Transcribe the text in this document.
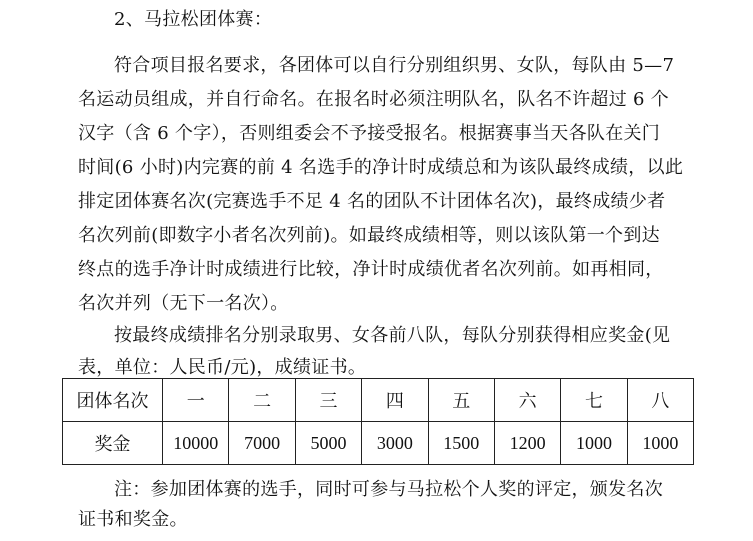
2、马拉松团体赛：
符合项目报名要求，各团体可以自行分别组织男、女队，每队由 5—7
名运动员组成，并自行命名。在报名时必须注明队名，队名不许超过 6 个
汉字（含 6 个字），否则组委会不予接受报名。根据赛事当天各队在关门
时间(6 小时)内完赛的前 4 名选手的净计时成绩总和为该队最终成绩，以此
排定团体赛名次(完赛选手不足 4 名的团队不计团体名次)，最终成绩少者
名次列前(即数字小者名次列前)。如最终成绩相等，则以该队第一个到达
终点的选手净计时成绩进行比较，净计时成绩优者名次列前。如再相同，
名次并列（无下一名次）。
按最终成绩排名分别录取男、女各前八队，每队分别获得相应奖金(见
表，单位：人民币/元)，成绩证书。
团体名次	一	二	三	四	五	六	七	八
奖金	10000	7000	5000	3000	1500	1200	1000	1000
注：参加团体赛的选手，同时可参与马拉松个人奖的评定，颁发名次
证书和奖金。
